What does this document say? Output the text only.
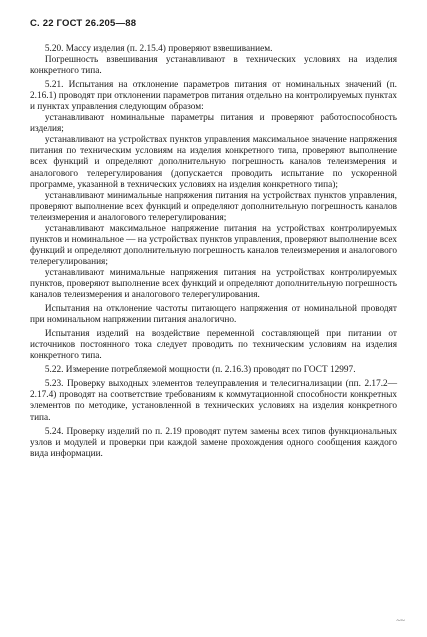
С. 22 ГОСТ 26.205—88

5.20. Массу изделия (п. 2.15.4) проверяют взвешиванием.

Погрешность взвешивания устанавливают в технических условиях на изделия конкретного типа.

5.21. Испытания на отклонение параметров питания от номинальных значений (п. 2.16.1) проводят при отклонении параметров питания отдельно на контролируемых пунктах и пунктах управления следующим образом:

устанавливают номинальные параметры питания и проверяют работоспособность изделия;

устанавливают на устройствах пунктов управления максимальное значение напряжения питания по техническим условиям на изделия конкретного типа, проверяют выполнение всех функций и определяют дополнительную погрешность каналов телеизмерения и аналогового телерегулирования (допускается проводить испытание по ускоренной программе, указанной в технических условиях на изделия конкретного типа);

устанавливают минимальные напряжения питания на устройствах пунктов управления, проверяют выполнение всех функций и определяют дополнительную погрешность каналов телеизмерения и аналогового телерегулирования;

устанавливают максимальное напряжение питания на устройствах контролируемых пунктов и номинальное — на устройствах пунктов управления, проверяют выполнение всех функций и определяют дополнительную погрешность каналов телеизмерения и аналогового телерегулирования;

устанавливают минимальные напряжения питания на устройствах контролируемых пунктов, проверяют выполнение всех функций и определяют дополнительную погрешность каналов телеизмерения и аналогового телерегулирования.

Испытания на отклонение частоты питающего напряжения от номинальной проводят при номинальном напряжении питания аналогично.

Испытания изделий на воздействие переменной составляющей при питании от источников постоянного тока следует проводить по техническим условиям на изделия конкретного типа.

5.22. Измерение потребляемой мощности (п. 2.16.3) проводят по ГОСТ 12997.

5.23. Проверку выходных элементов телеуправления и телесигнализации (пп. 2.17.2—2.17.4) проводят на соответствие требованиям к коммутационной способности конкретных элементов по методике, установленной в технических условиях на изделия конкретного типа.

5.24. Проверку изделий по п. 2.19 проводят путем замены всех типов функциональных узлов и модулей и проверки при каждой замене прохождения одного сообщения каждого вида информации.

~~
